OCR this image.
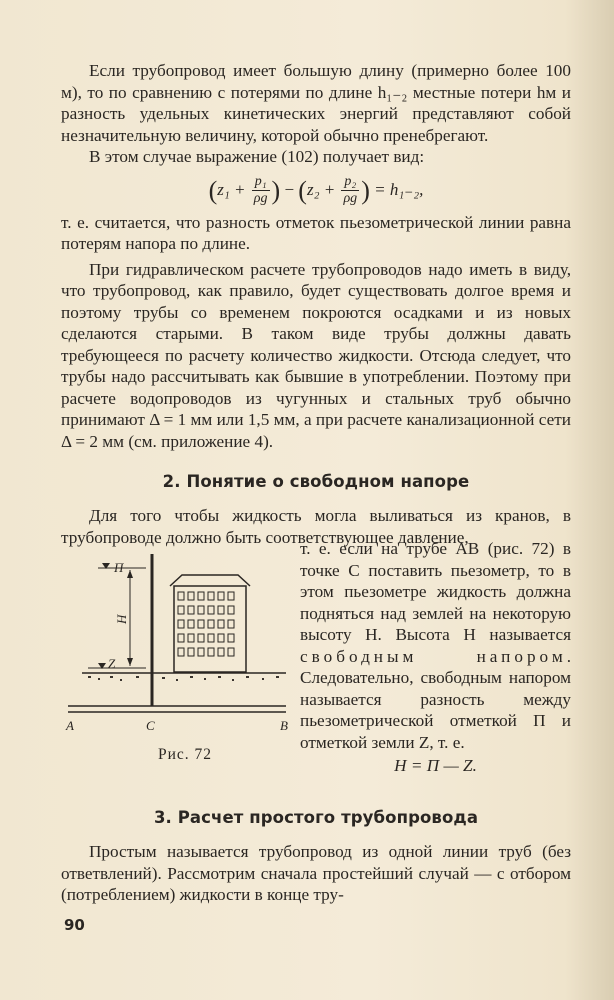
Если трубопровод имеет большую длину (примерно более 100 м), то по сравнению с потерями по длине h₁₋₂ местные потери hм и разность удельных кинетических энергий представляют собой незначительную величину, которой обычно пренебрегают.

В этом случае выражение (102) получает вид:

($z_1 + \frac{\text{p₁}}{\rho g}$ ) − ($z_2 + \frac{\text{p₂}}{\rho g}$ ) = h₁₋₂,

т. е. считается, что разность отметок пьезометрической линии равна потерям напора по длине.

При гидравлическом расчете трубопроводов надо иметь в виду, что трубопровод, как правило, будет существовать долгое время и поэтому трубы со временем покроются осадками и из новых сделаются старыми. В таком виде трубы должны давать требующееся по расчету количество жидкости. Отсюда следует, что трубы надо рассчитывать как бывшие в употреблении. Поэтому при расчете водопроводов из чугунных и стальных труб обычно принимают Δ = 1 мм или 1,5 мм, а при расчете канализационной сети Δ = 2 мм (см. приложение 4).

2. Понятие о свободном напоре

Для того чтобы жидкость могла выливаться из кранов, в трубопроводе должно быть соответствующее давление,

П
H
Z
A	C	B
Рис. 72

т. е. если на трубе AB (рис. 72) в точке C поставить пьезометр, то в этом пьезометре жидкость должна подняться над землей на некоторую высоту H. Высота H называется свободным напором. Следовательно, свободным напором называется разность между пьезометрической отметкой П и отметкой земли Z, т. е.

H = П — Z.

3. Расчет простого трубопровода

Простым называется трубопровод из одной линии труб (без ответвлений). Рассмотрим сначала простейший случай — с отбором (потреблением) жидкости в конце тру-

90
